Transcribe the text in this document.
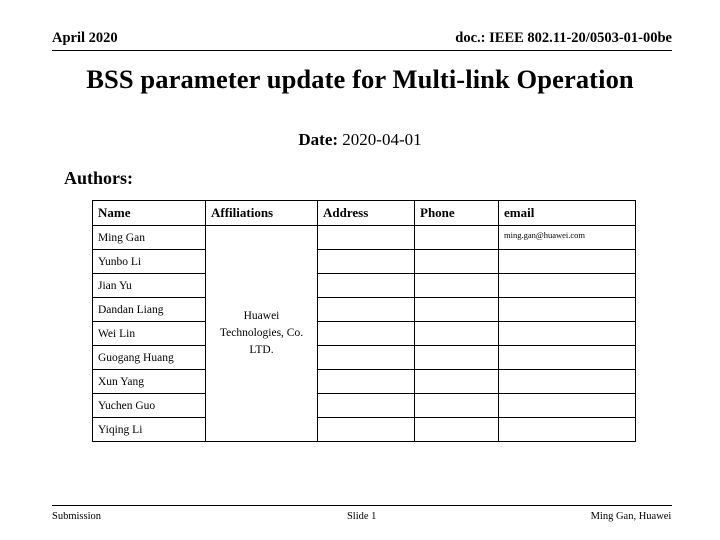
April 2020	doc.: IEEE 802.11-20/0503-01-00be
BSS parameter update for Multi-link Operation
Date: 2020-04-01
Authors:
Name	Affiliations	Address	Phone	email
Ming Gan	Huawei Technologies, Co. LTD.			ming.gan@huawei.com
Yunbo Li				
Jian Yu				
Dandan Liang				
Wei Lin				
Guogang Huang				
Xun Yang				
Yuchen Guo				
Yiqing Li				
Submission	Slide 1	Ming Gan, Huawei
